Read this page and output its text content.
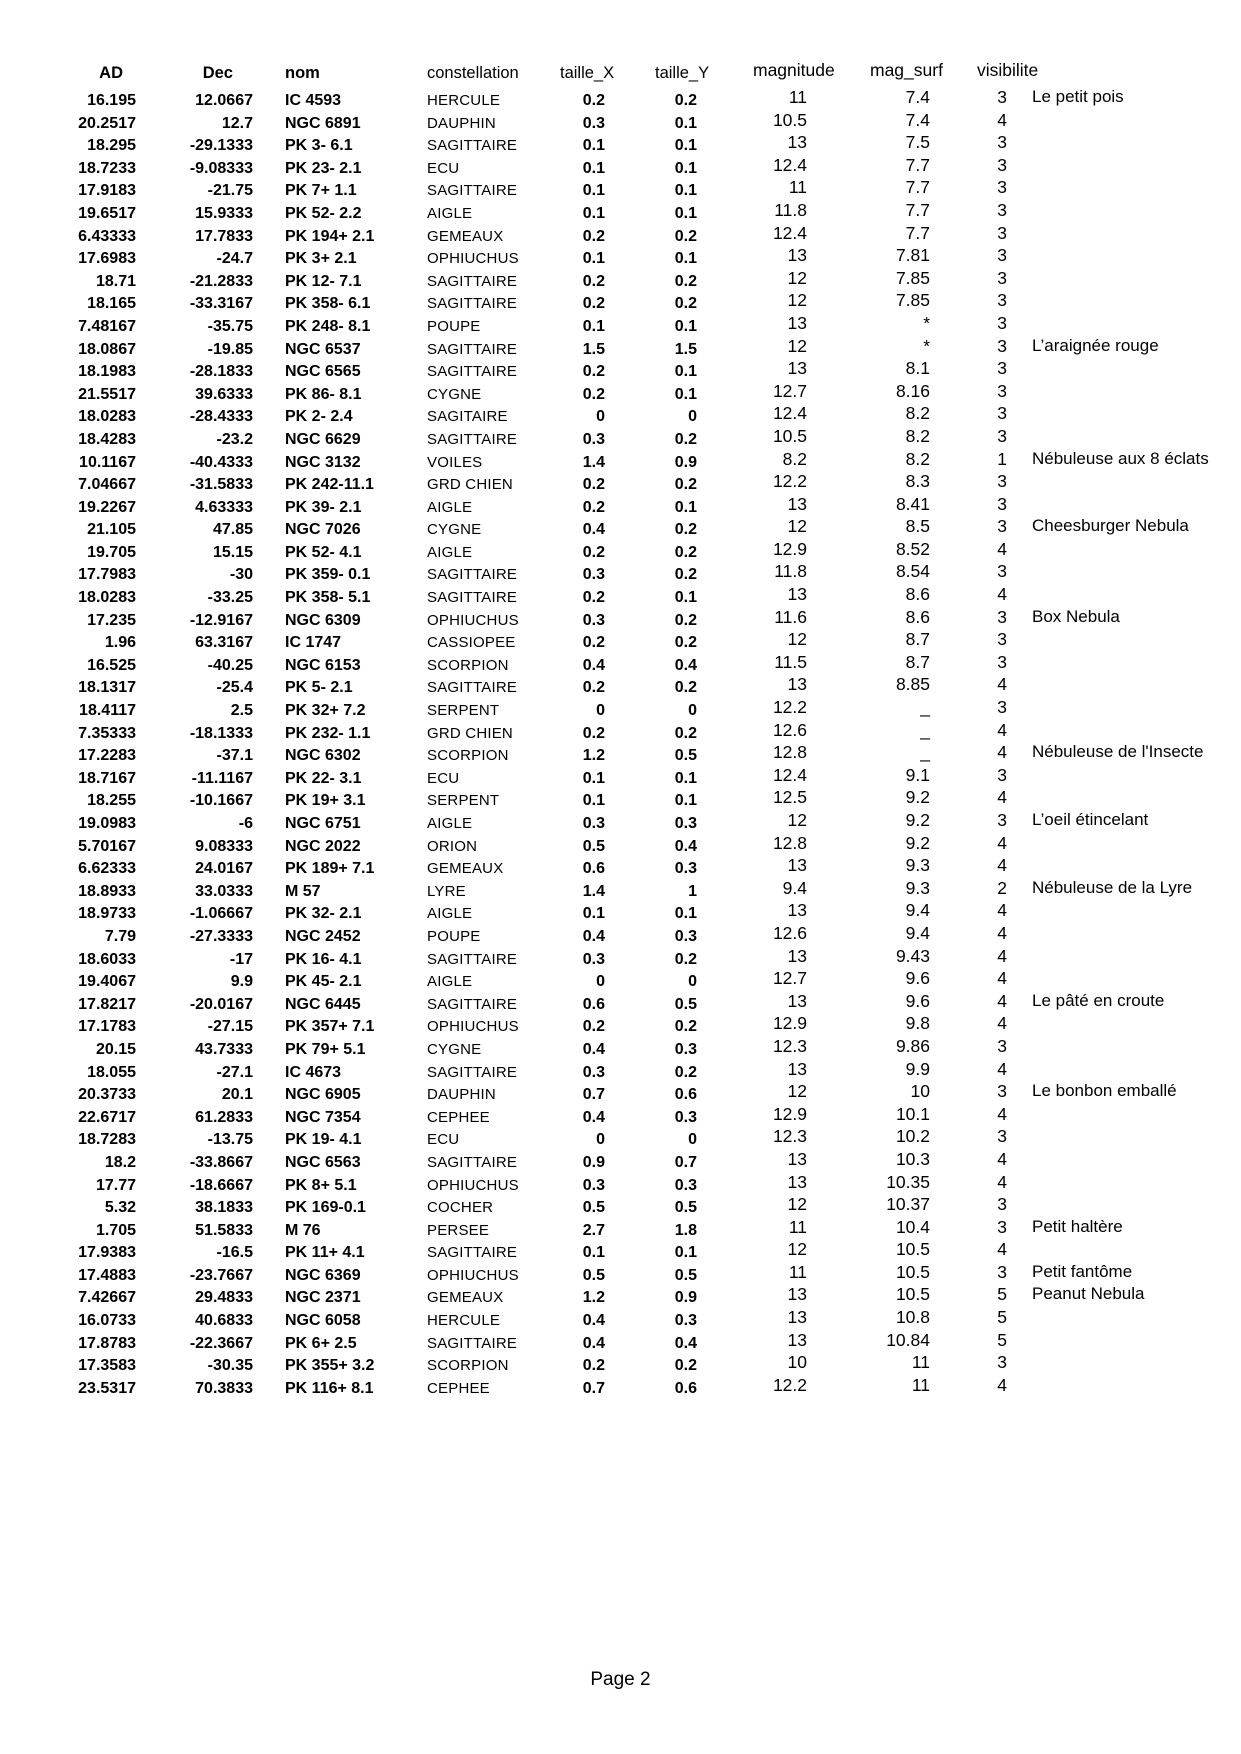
AD	Dec	nom	constellation	taille_X	taille_Y	magnitude	mag_surf	visibilite
16.195	12.0667	IC 4593	HERCULE	0.2	0.2	11	7.4	3	Le petit pois
20.2517	12.7	NGC 6891	DAUPHIN	0.3	0.1	10.5	7.4	4
18.295	-29.1333	PK 3- 6.1	SAGITTAIRE	0.1	0.1	13	7.5	3
18.7233	-9.08333	PK 23- 2.1	ECU	0.1	0.1	12.4	7.7	3
17.9183	-21.75	PK 7+ 1.1	SAGITTAIRE	0.1	0.1	11	7.7	3
19.6517	15.9333	PK 52- 2.2	AIGLE	0.1	0.1	11.8	7.7	3
6.43333	17.7833	PK 194+ 2.1	GEMEAUX	0.2	0.2	12.4	7.7	3
17.6983	-24.7	PK 3+ 2.1	OPHIUCHUS	0.1	0.1	13	7.81	3
18.71	-21.2833	PK 12- 7.1	SAGITTAIRE	0.2	0.2	12	7.85	3
18.165	-33.3167	PK 358- 6.1	SAGITTAIRE	0.2	0.2	12	7.85	3
7.48167	-35.75	PK 248- 8.1	POUPE	0.1	0.1	13	*	3
18.0867	-19.85	NGC 6537	SAGITTAIRE	1.5	1.5	12	*	3	L’araignée rouge
18.1983	-28.1833	NGC 6565	SAGITTAIRE	0.2	0.1	13	8.1	3
21.5517	39.6333	PK 86- 8.1	CYGNE	0.2	0.1	12.7	8.16	3
18.0283	-28.4333	PK 2- 2.4	SAGITAIRE	0	0	12.4	8.2	3
18.4283	-23.2	NGC 6629	SAGITTAIRE	0.3	0.2	10.5	8.2	3
10.1167	-40.4333	NGC 3132	VOILES	1.4	0.9	8.2	8.2	1	Nébuleuse aux 8 éclats
7.04667	-31.5833	PK 242-11.1	GRD CHIEN	0.2	0.2	12.2	8.3	3
19.2267	4.63333	PK 39- 2.1	AIGLE	0.2	0.1	13	8.41	3
21.105	47.85	NGC 7026	CYGNE	0.4	0.2	12	8.5	3	Cheesburger Nebula
19.705	15.15	PK 52- 4.1	AIGLE	0.2	0.2	12.9	8.52	4
17.7983	-30	PK 359- 0.1	SAGITTAIRE	0.3	0.2	11.8	8.54	3
18.0283	-33.25	PK 358- 5.1	SAGITTAIRE	0.2	0.1	13	8.6	4
17.235	-12.9167	NGC 6309	OPHIUCHUS	0.3	0.2	11.6	8.6	3	Box Nebula
1.96	63.3167	IC 1747	CASSIOPEE	0.2	0.2	12	8.7	3
16.525	-40.25	NGC 6153	SCORPION	0.4	0.4	11.5	8.7	3
18.1317	-25.4	PK 5- 2.1	SAGITTAIRE	0.2	0.2	13	8.85	4
18.4117	2.5	PK 32+ 7.2	SERPENT	0	0	12.2	_	3
7.35333	-18.1333	PK 232- 1.1	GRD CHIEN	0.2	0.2	12.6	_	4
17.2283	-37.1	NGC 6302	SCORPION	1.2	0.5	12.8	_	4	Nébuleuse de l'Insecte
18.7167	-11.1167	PK 22- 3.1	ECU	0.1	0.1	12.4	9.1	3
18.255	-10.1667	PK 19+ 3.1	SERPENT	0.1	0.1	12.5	9.2	4
19.0983	-6	NGC 6751	AIGLE	0.3	0.3	12	9.2	3	L’oeil étincelant
5.70167	9.08333	NGC 2022	ORION	0.5	0.4	12.8	9.2	4
6.62333	24.0167	PK 189+ 7.1	GEMEAUX	0.6	0.3	13	9.3	4
18.8933	33.0333	M 57	LYRE	1.4	1	9.4	9.3	2	Nébuleuse de la Lyre
18.9733	-1.06667	PK 32- 2.1	AIGLE	0.1	0.1	13	9.4	4
7.79	-27.3333	NGC 2452	POUPE	0.4	0.3	12.6	9.4	4
18.6033	-17	PK 16- 4.1	SAGITTAIRE	0.3	0.2	13	9.43	4
19.4067	9.9	PK 45- 2.1	AIGLE	0	0	12.7	9.6	4
17.8217	-20.0167	NGC 6445	SAGITTAIRE	0.6	0.5	13	9.6	4	Le pâté en croute
17.1783	-27.15	PK 357+ 7.1	OPHIUCHUS	0.2	0.2	12.9	9.8	4
20.15	43.7333	PK 79+ 5.1	CYGNE	0.4	0.3	12.3	9.86	3
18.055	-27.1	IC 4673	SAGITTAIRE	0.3	0.2	13	9.9	4
20.3733	20.1	NGC 6905	DAUPHIN	0.7	0.6	12	10	3	Le bonbon emballé
22.6717	61.2833	NGC 7354	CEPHEE	0.4	0.3	12.9	10.1	4
18.7283	-13.75	PK 19- 4.1	ECU	0	0	12.3	10.2	3
18.2	-33.8667	NGC 6563	SAGITTAIRE	0.9	0.7	13	10.3	4
17.77	-18.6667	PK 8+ 5.1	OPHIUCHUS	0.3	0.3	13	10.35	4
5.32	38.1833	PK 169-0.1	COCHER	0.5	0.5	12	10.37	3
1.705	51.5833	M 76	PERSEE	2.7	1.8	11	10.4	3	Petit haltère
17.9383	-16.5	PK 11+ 4.1	SAGITTAIRE	0.1	0.1	12	10.5	4
17.4883	-23.7667	NGC 6369	OPHIUCHUS	0.5	0.5	11	10.5	3	Petit fantôme
7.42667	29.4833	NGC 2371	GEMEAUX	1.2	0.9	13	10.5	5	Peanut Nebula
16.0733	40.6833	NGC 6058	HERCULE	0.4	0.3	13	10.8	5
17.8783	-22.3667	PK 6+ 2.5	SAGITTAIRE	0.4	0.4	13	10.84	5
17.3583	-30.35	PK 355+ 3.2	SCORPION	0.2	0.2	10	11	3
23.5317	70.3833	PK 116+ 8.1	CEPHEE	0.7	0.6	12.2	11	4
Page 2
